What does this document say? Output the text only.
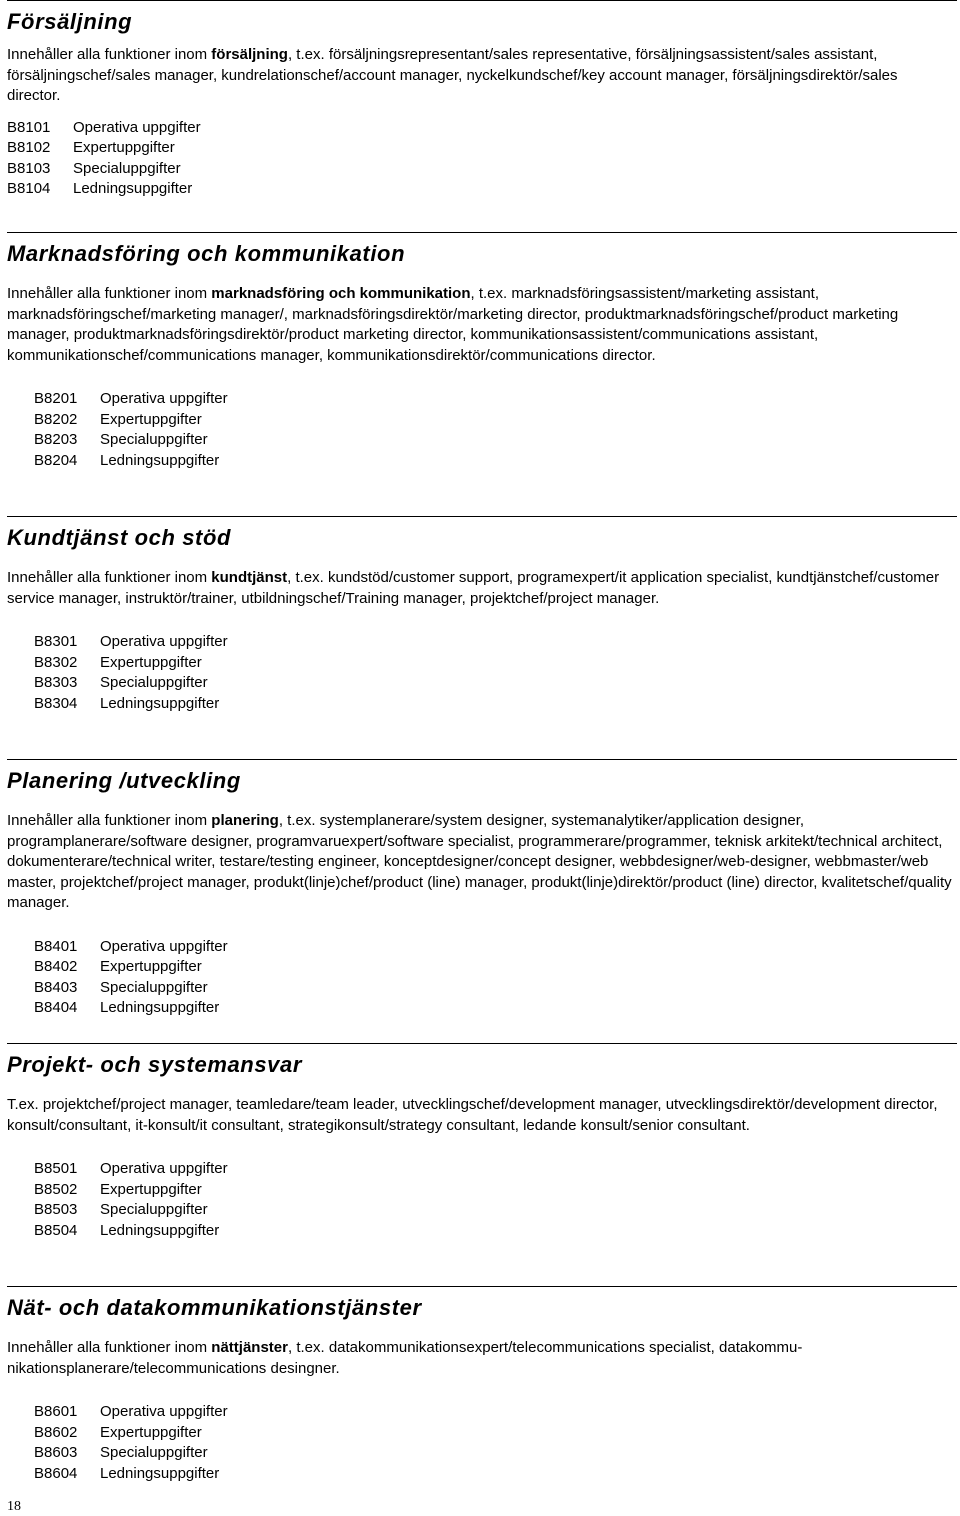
Försäljning

Innehåller alla funktioner inom försäljning, t.ex. försäljningsrepresentant/sales representative, försäljningsassistent/sales assistant, försäljningschef/sales manager, kundrelationschef/account manager, nyckelkundschef/key account manager, försäljningsdirektör/sales director.

B8101	Operativa uppgifter
B8102	Expertuppgifter
B8103	Specialuppgifter
B8104	Ledningsuppgifter
Marknadsföring och kommunikation

Innehåller alla funktioner inom marknadsföring och kommunikation, t.ex. marknadsföringsassistent/marketing assistant, marknadsföringschef/marketing manager/, marknadsföringsdirektör/marketing director, produktmarknadsföringschef/product marketing manager, produktmarknadsföringsdirektör/product marketing director, kommunikationsassistent/communications assistant, kommunikationschef/communications manager, kommunikationsdirektör/communications director.

B8201	Operativa uppgifter
B8202	Expertuppgifter
B8203	Specialuppgifter
B8204	Ledningsuppgifter
Kundtjänst och stöd

Innehåller alla funktioner inom kundtjänst, t.ex. kundstöd/customer support, programexpert/it application specialist, kundtjänstchef/customer service manager, instruktör/trainer, utbildningschef/Training manager, projektchef/project manager.

B8301	Operativa uppgifter
B8302	Expertuppgifter
B8303	Specialuppgifter
B8304	Ledningsuppgifter
Planering /utveckling

Innehåller alla funktioner inom planering, t.ex. systemplanerare/system designer, systemanalytiker/application designer, programplanerare/software designer, programvaruexpert/software specialist, programmerare/programmer, teknisk arkitekt/technical architect, dokumenterare/technical writer, testare/testing engineer, konceptdesigner/concept designer, webbdesigner/web-designer, webbmaster/web master, projektchef/project manager, produkt(linje)chef/product (line) manager, produkt(linje)direktör/product (line) director, kvalitetschef/quality manager.

B8401	Operativa uppgifter
B8402	Expertuppgifter
B8403	Specialuppgifter
B8404	Ledningsuppgifter
Projekt- och systemansvar

T.ex. projektchef/project manager, teamledare/team leader, utvecklingschef/development manager, utvecklingsdirektör/development director, konsult/consultant, it-konsult/it consultant, strategikonsult/strategy consultant, ledande konsult/senior consultant.

B8501	Operativa uppgifter
B8502	Expertuppgifter
B8503	Specialuppgifter
B8504	Ledningsuppgifter
Nät- och datakommunikationstjänster

Innehåller alla funktioner inom nättjänster, t.ex. datakommunikationsexpert/telecommunications specialist, datakommunikationsplanerare/telecommunications desingner.

B8601	Operativa uppgifter
B8602	Expertuppgifter
B8603	Specialuppgifter
B8604	Ledningsuppgifter
18
